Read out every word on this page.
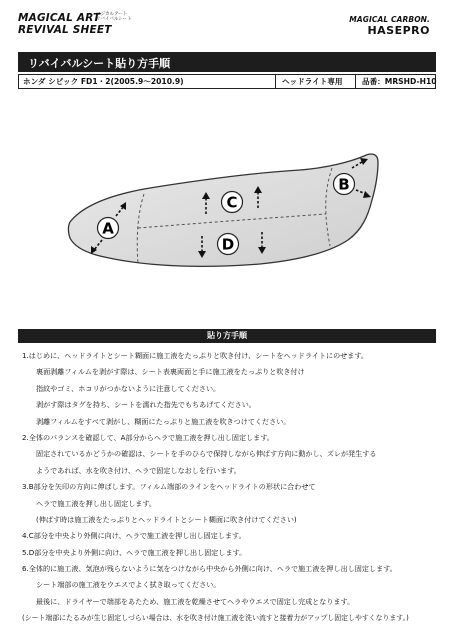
MAGICAL ART
REVIVAL SHEET
マジカルアート
リバイバルシート	MAGICAL CARBON.
HASEPRO
リバイバルシート貼り方手順
ホンダ シビック FD1・2(2005.9〜2010.9)	ヘッドライト専用	品番：MRSHD-H10
A
B
C
D
貼り方手順
1.はじめに、ヘッドライトとシート糊面に施工液をたっぷりと吹き付け、シートをヘッドライトにのせます。
裏面剥離フィルムを剥がす際は、シート表裏両面と手に施工液をたっぷりと吹き付け
指紋やゴミ、ホコリがつかないように注意してください。
剥がす際はタグを持ち、シートを濡れた指先でもちあげてください。
剥離フィルムをすべて剥がし、糊面にたっぷりと施工液を吹きつけてください。
2.全体のバランスを確認して、A部分からヘラで施工液を押し出し固定します。
固定されているかどうかの確認は、シートを手のひらで保持しながら伸ばす方向に動かし、ズレが発生する
ようであれば、水を吹き付け、ヘラで固定しなおしを行います。
3.B部分を矢印の方向に伸ばします。フィルム端部のラインをヘッドライトの形状に合わせて
ヘラで施工液を押し出し固定します。
(伸ばす時は施工液をたっぷりとヘッドライトとシート糊面に吹き付けてください)
4.C部分を中央より外側に向け、ヘラで施工液を押し出し固定します。
5.D部分を中央より外側に向け、ヘラで施工液を押し出し固定します。
6.全体的に施工液、気泡が残らないように気をつけながら中央から外側に向け、ヘラで施工液を押し出し固定します。
シート端部の施工液をウエスでよく拭き取ってください。
最後に、ドライヤーで端部をあたため、施工液を乾燥させてヘラやウエスで固定し完成となります。
(シート端部にたるみが生じ固定しづらい場合は、水を吹き付け施工液を洗い流すと接着力がアップし固定しやすくなります。)
